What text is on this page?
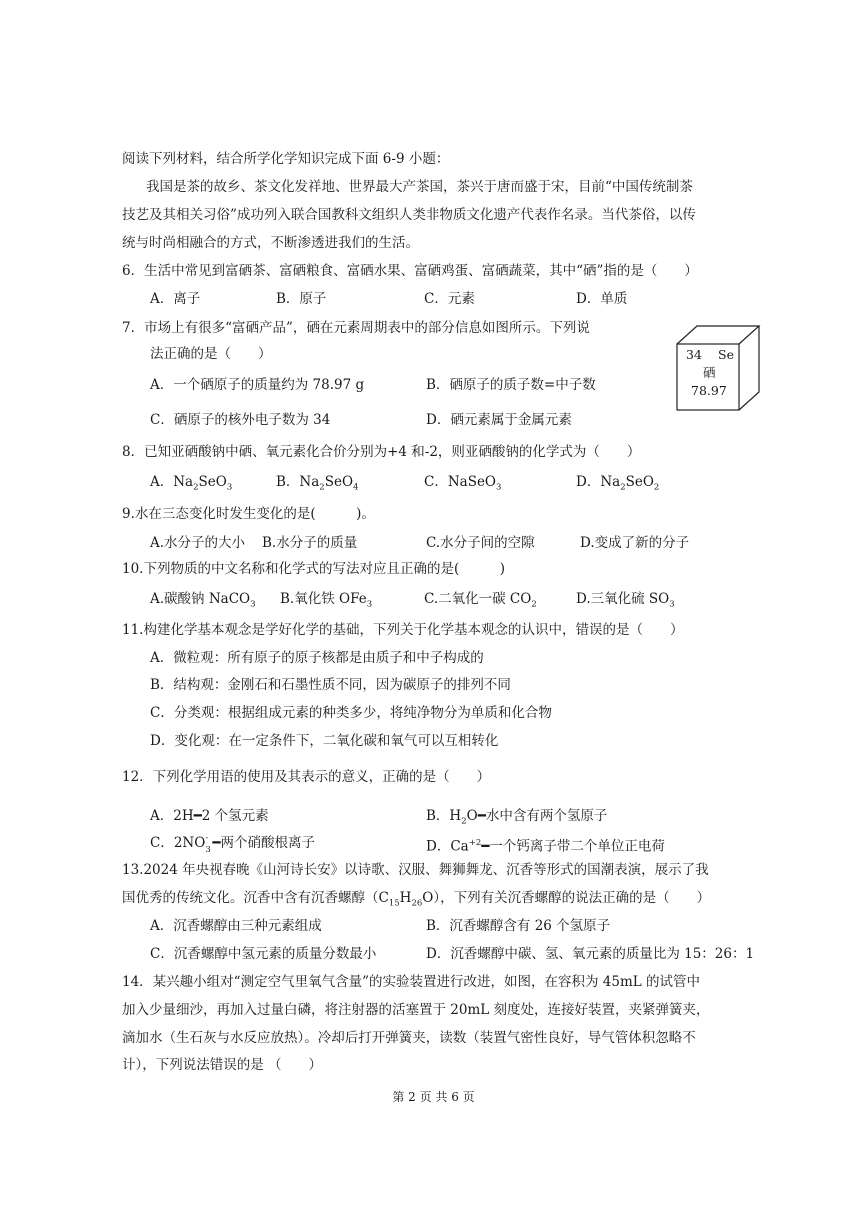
阅读下列材料，结合所学化学知识完成下面 6-9 小题：
我国是茶的故乡、茶文化发祥地、世界最大产茶国，茶兴于唐而盛于宋，目前“中国传统制茶
技艺及其相关习俗”成功列入联合国教科文组织人类非物质文化遗产代表作名录。当代茶俗，以传
统与时尚相融合的方式，不断渗透进我们的生活。
6．生活中常见到富硒茶、富硒粮食、富硒水果、富硒鸡蛋、富硒蔬菜，其中“硒”指的是（　　）
A．离子	B．原子	C．元素	D．单质
7．市场上有很多“富硒产品”，硒在元素周期表中的部分信息如图所示。下列说
法正确的是（　　）
A．一个硒原子的质量约为 78.97 g	B．硒原子的质子数=中子数
C．硒原子的核外电子数为 34	D．硒元素属于金属元素
34 Se
硒
78.97
8．已知亚硒酸钠中硒、氧元素化合价分别为+4 和-2，则亚硒酸钠的化学式为（　　）
A．$Na_2SeO_3$	B．$Na_2SeO_4$	C．NaSeO$_3$	D．$Na_2SeO_2$
9.水在三态变化时发生变化的是(　　　)。
A.水分子的大小 B.水分子的质量	C.水分子间的空隙	D.变成了新的分子
10.下列物质的中文名称和化学式的写法对应且正确的是(　　　)
A.碳酸钠 NaCO$_3$ B.氧化铁 OFe$_3$	C.二氧化一碳 $CO_2$	D.三氧化硫 $SO_3$
11.构建化学基本观念是学好化学的基础，下列关于化学基本观念的认识中，错误的是（　　）
A．微粒观：所有原子的原子核都是由质子和中子构成的
B．结构观：金刚石和石墨性质不同，因为碳原子的排列不同
C．分类观：根据组成元素的种类多少，将纯净物分为单质和化合物
D．变化观：在一定条件下，二氧化碳和氧气可以互相转化
12．下列化学用语的使用及其表示的意义，正确的是（　　）
A．2H━2 个氢元素	B．$H_2O━$水中含有两个氢原子
C．2NO -
3 ━两个硝酸根离子	D．$Ca^{+2}━$一个钙离子带二个单位正电荷
13.2024 年央视春晚《山河诗长安》以诗歌、汉服、舞狮舞龙、沉香等形式的国潮表演，展示了我
国优秀的传统文化。沉香中含有沉香螺醇$(C_{15}H_{26}O)$，下列有关沉香螺醇的说法正确的是（　　）
A．沉香螺醇由三种元素组成	B．沉香螺醇含有 26 个氢原子
C．沉香螺醇中氢元素的质量分数最小	D．沉香螺醇中碳、氢、氧元素的质量比为 15：26：1
14．某兴趣小组对“测定空气里氧气含量”的实验装置进行改进，如图，在容积为 45mL 的试管中
加入少量细沙，再加入过量白磷，将注射器的活塞置于 20mL 刻度处，连接好装置，夹紧弹簧夹，
滴加水（生石灰与水反应放热）。冷却后打开弹簧夹，读数（装置气密性良好，导气管体积忽略不
计），下列说法错误的是 （　　）
第 2 页 共 6 页
